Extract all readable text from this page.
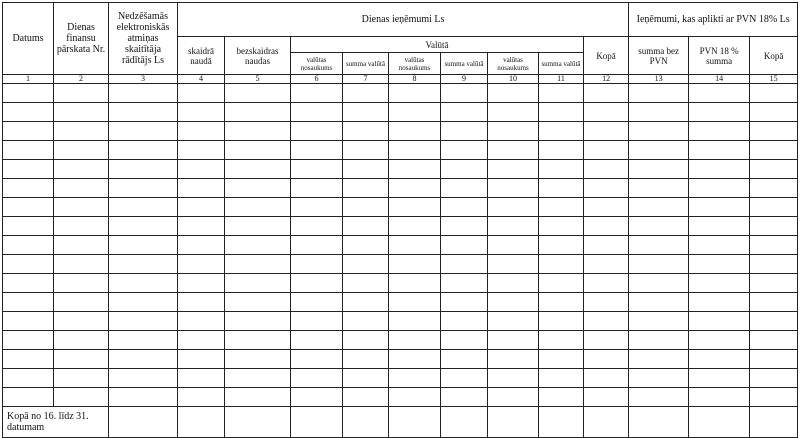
Datums	Dienas finansu pārskata Nr.	Nedzēšamās elektroniskās atmiņas skaitītāja rādītājs Ls	Dienas ieņēmumi Ls									Ieņēmumi, kas aplikti ar PVN 18% Ls		
			skaidrā naudā	bezskaidras naudas	Valūtā						Kopā	summa bez PVN	PVN 18 % summa	Kopā
					valūtas nosaukums	summa valūtā	valūtas nosaukums	summa valūtā	valūtas nosaukums	summa valūtā				
1	2	3	4	5	6	7	8	9	10	11	12	13	14	15

Kopā no 16. līdz 31. datumam														
